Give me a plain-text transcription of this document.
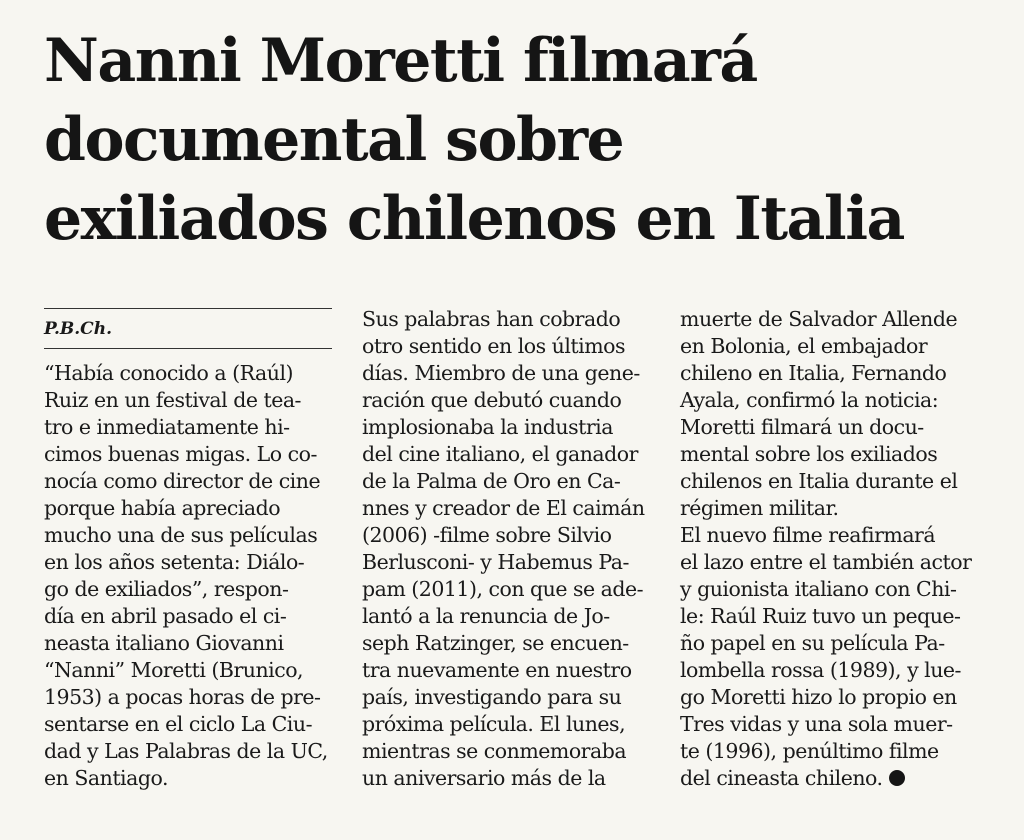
Nanni Moretti filmará
documental sobre
exiliados chilenos en Italia
P.B.Ch.
“Había conocido a (Raúl)
Ruiz en un festival de tea-
tro e inmediatamente hi-
cimos buenas migas. Lo co-
nocía como director de cine
porque había apreciado
mucho una de sus películas
en los años setenta: Diálo-
go de exiliados”, respon-
día en abril pasado el ci-
neasta italiano Giovanni
“Nanni” Moretti (Brunico,
1953) a pocas horas de pre-
sentarse en el ciclo La Ciu-
dad y Las Palabras de la UC,
en Santiago.
Sus palabras han cobrado
otro sentido en los últimos
días. Miembro de una gene-
ración que debutó cuando
implosionaba la industria
del cine italiano, el ganador
de la Palma de Oro en Ca-
nnes y creador de El caimán
(2006) -filme sobre Silvio
Berlusconi- y Habemus Pa-
pam (2011), con que se ade-
lantó a la renuncia de Jo-
seph Ratzinger, se encuen-
tra nuevamente en nuestro
país, investigando para su
próxima película. El lunes,
mientras se conmemoraba
un aniversario más de la
muerte de Salvador Allende
en Bolonia, el embajador
chileno en Italia, Fernando
Ayala, confirmó la noticia:
Moretti filmará un docu-
mental sobre los exiliados
chilenos en Italia durante el
régimen militar.
El nuevo filme reafirmará
el lazo entre el también actor
y guionista italiano con Chi-
le: Raúl Ruiz tuvo un peque-
ño papel en su película Pa-
lombella rossa (1989), y lue-
go Moretti hizo lo propio en
Tres vidas y una sola muer-
te (1996), penúltimo filme
del cineasta chileno.
